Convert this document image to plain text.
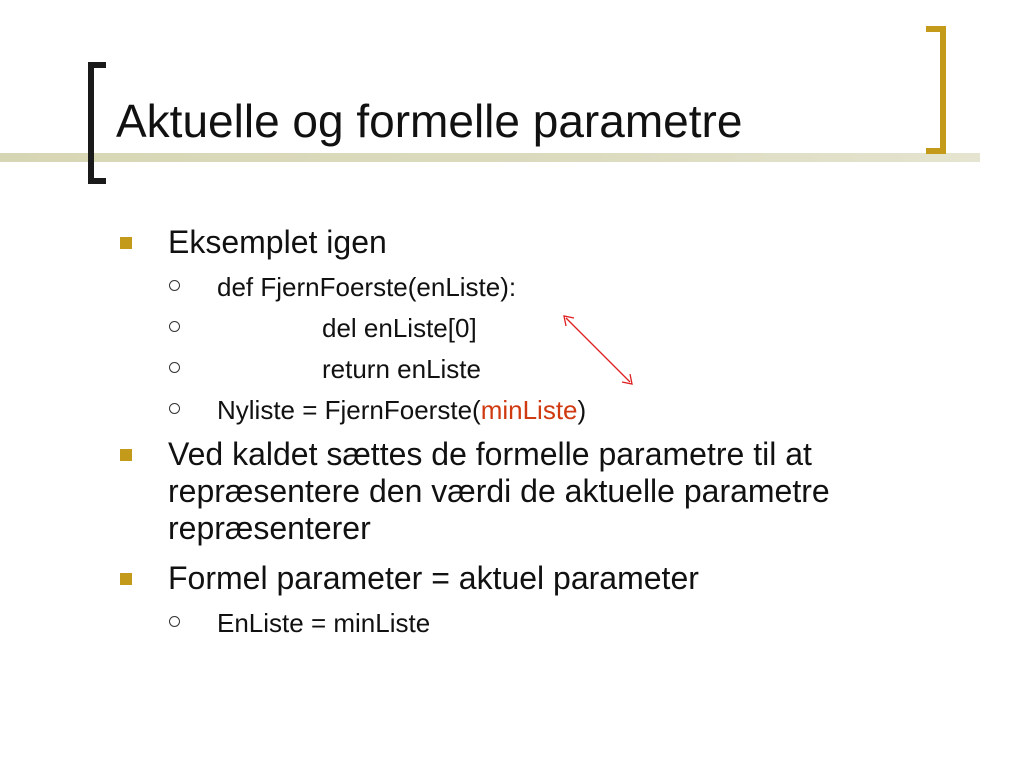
Aktuelle og formelle parametre
Eksemplet igen
def FjernFoerste(enListe):
del enListe[0]
return enListe
Nyliste = FjernFoerste(minListe)
Ved kaldet sættes de formelle parametre til at repræsentere den værdi de aktuelle parametre repræsenterer
Formel parameter = aktuel parameter
EnListe = minListe
